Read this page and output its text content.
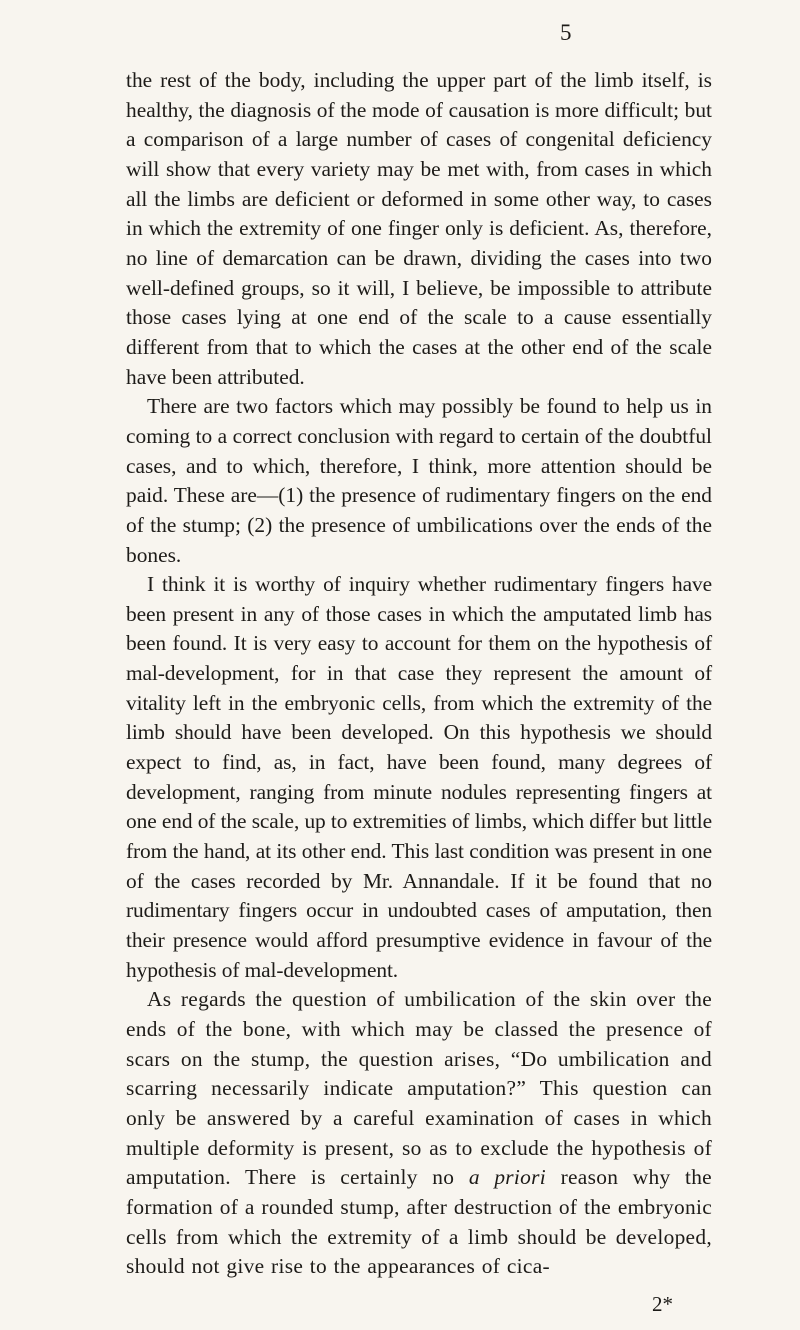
5

the rest of the body, including the upper part of the limb itself, is healthy, the diagnosis of the mode of causation is more difficult; but a comparison of a large number of cases of congenital deficiency will show that every variety may be met with, from cases in which all the limbs are deficient or deformed in some other way, to cases in which the extremity of one finger only is deficient. As, therefore, no line of demarcation can be drawn, dividing the cases into two well-defined groups, so it will, I believe, be impossible to attribute those cases lying at one end of the scale to a cause essentially different from that to which the cases at the other end of the scale have been attributed.

There are two factors which may possibly be found to help us in coming to a correct conclusion with regard to certain of the doubtful cases, and to which, therefore, I think, more attention should be paid. These are—(1) the presence of rudimentary fingers on the end of the stump; (2) the presence of umbilications over the ends of the bones.

I think it is worthy of inquiry whether rudimentary fingers have been present in any of those cases in which the amputated limb has been found. It is very easy to account for them on the hypothesis of mal-development, for in that case they represent the amount of vitality left in the embryonic cells, from which the extremity of the limb should have been developed. On this hypothesis we should expect to find, as, in fact, have been found, many degrees of development, ranging from minute nodules representing fingers at one end of the scale, up to extremities of limbs, which differ but little from the hand, at its other end. This last condition was present in one of the cases recorded by Mr. Annandale. If it be found that no rudimentary fingers occur in undoubted cases of amputation, then their presence would afford presumptive evidence in favour of the hypothesis of mal-development.

As regards the question of umbilication of the skin over the ends of the bone, with which may be classed the presence of scars on the stump, the question arises, “Do umbilication and scarring necessarily indicate amputation?” This question can only be answered by a careful examination of cases in which multiple deformity is present, so as to exclude the hypothesis of amputation. There is certainly no a priori reason why the formation of a rounded stump, after destruction of the embryonic cells from which the extremity of a limb should be developed, should not give rise to the appearances of cica-

2*
